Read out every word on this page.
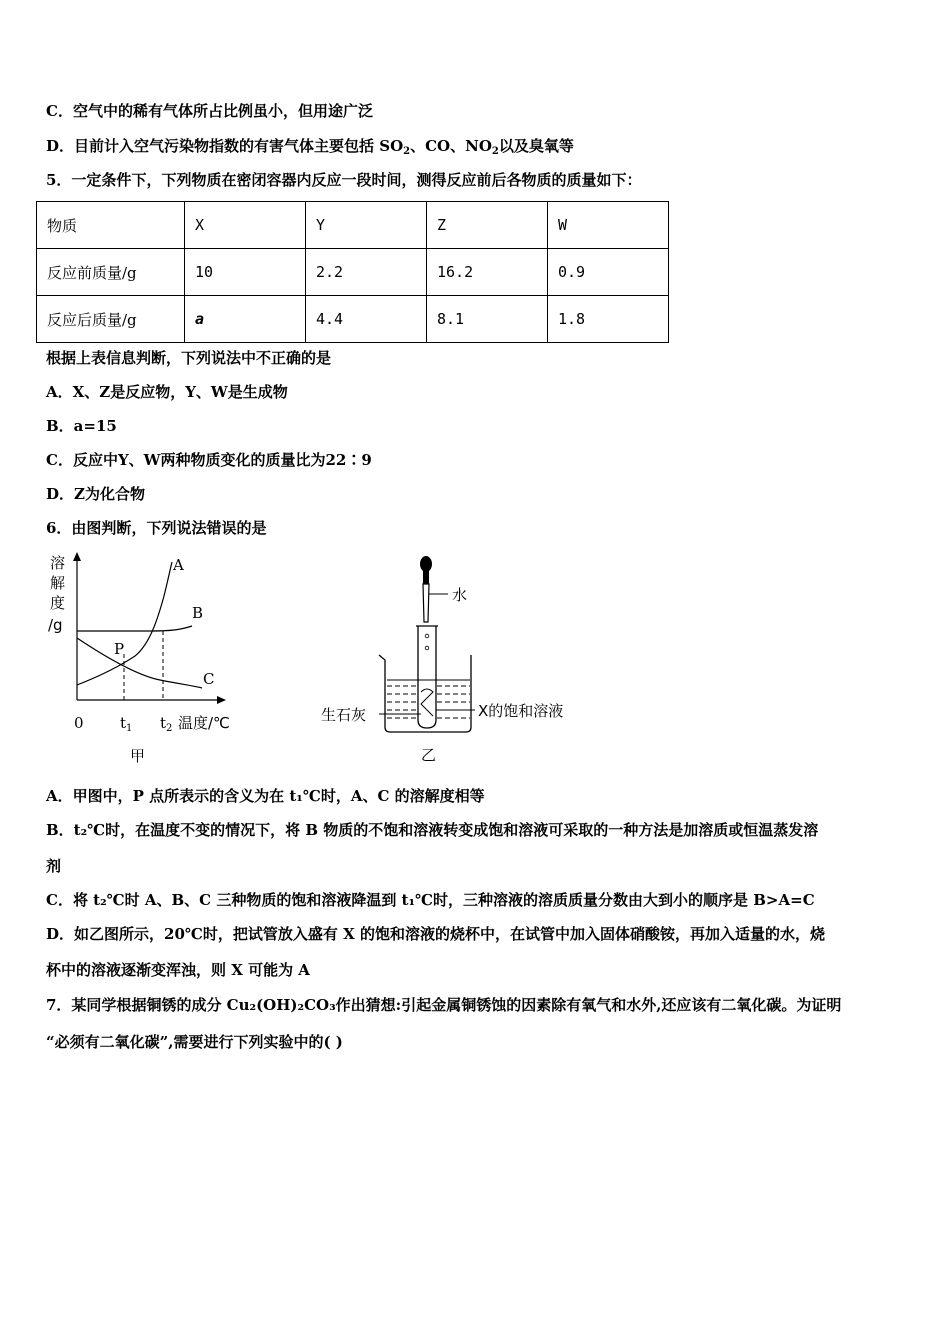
C．空气中的稀有气体所占比例虽小，但用途广泛
D．目前计入空气污染物指数的有害气体主要包括 $SO_2$、CO、$NO_2$以及臭氧等
5．一定条件下，下列物质在密闭容器内反应一段时间，测得反应前后各物质的质量如下：
物质	X	Y	Z	W
反应前质量/g	10	2.2	16.2	0.9
反应后质量/g	a	4.4	8.1	1.8
根据上表信息判断，下列说法中不正确的是
A．X、Z是反应物，Y、W是生成物
B．a=15
C．反应中Y、W两种物质变化的质量比为22∶9
D．Z为化合物
6．由图判断，下列说法错误的是
溶
解
度
/g
A
B
C
P
0 $t_1$ $t_2$ 温度/℃
甲
水
生石灰	X的饱和溶液
乙
A．甲图中，P 点所表示的含义为在 t₁℃时，A、C 的溶解度相等
B．t₂℃时，在温度不变的情况下，将 B 物质的不饱和溶液转变成饱和溶液可采取的一种方法是加溶质或恒温蒸发溶
剂
C．将 t₂℃时 A、B、C 三种物质的饱和溶液降温到 t₁℃时，三种溶液的溶质质量分数由大到小的顺序是 B>A=C
D．如乙图所示，20℃时，把试管放入盛有 X 的饱和溶液的烧杯中，在试管中加入固体硝酸铵，再加入适量的水，烧
杯中的溶液逐渐变浑浊，则 X 可能为 A
7．某同学根据铜锈的成分 Cu₂(OH)₂CO₃作出猜想:引起金属铜锈蚀的因素除有氧气和水外,还应该有二氧化碳。为证明
“必须有二氧化碳”,需要进行下列实验中的( )
